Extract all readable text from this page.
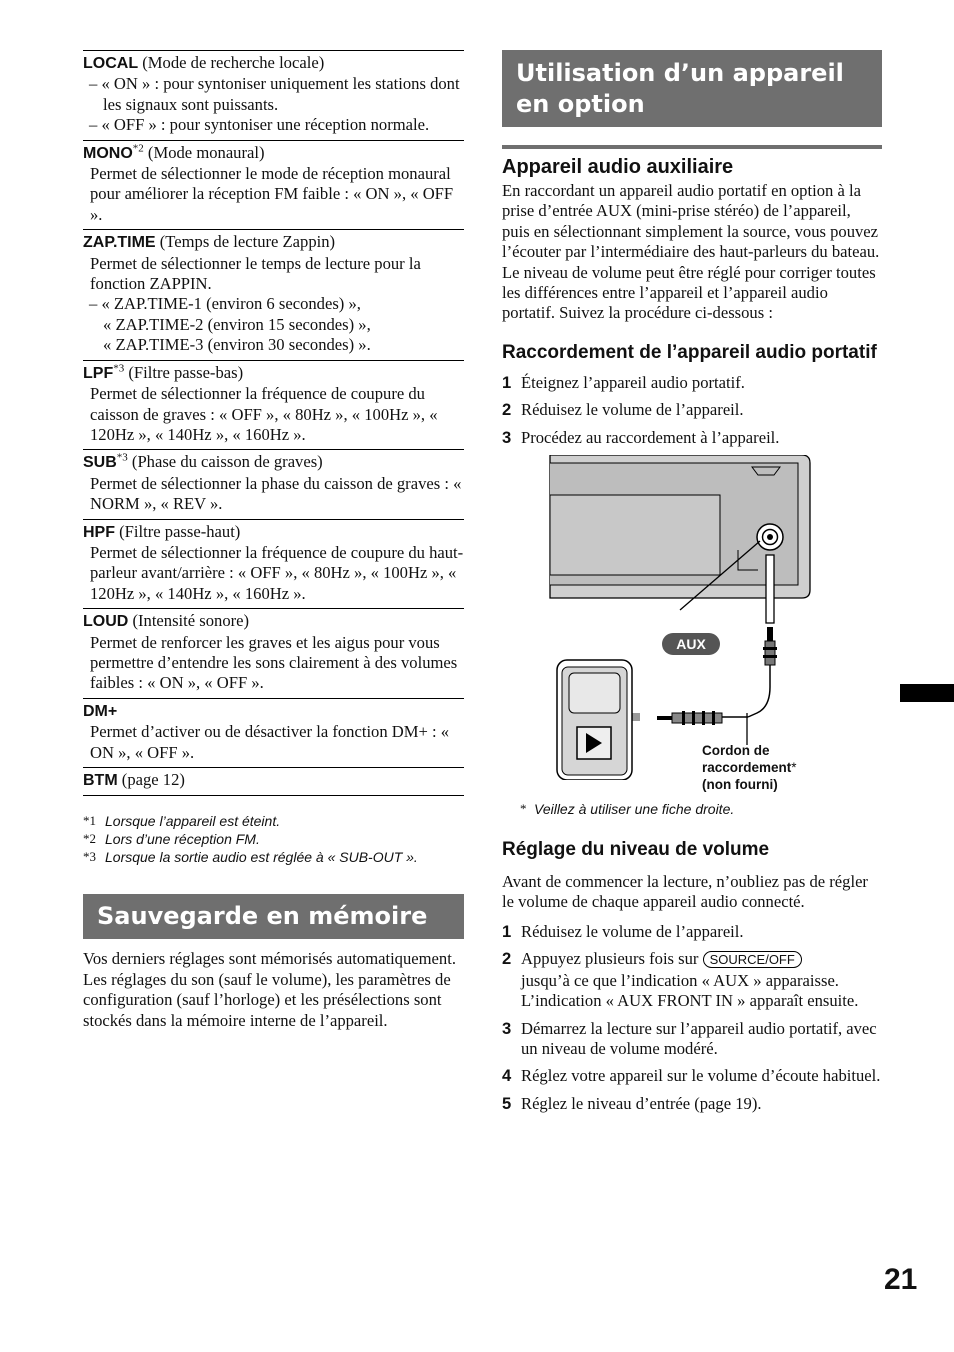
LOCAL (Mode de recherche locale)
– « ON » : pour syntoniser uniquement les stations dont les signaux sont puissants.
– « OFF » : pour syntoniser une réception normale.
MONO$^{*2}$ (Mode monaural)
Permet de sélectionner le mode de réception monaural pour améliorer la réception FM faible : « ON », « OFF ».
ZAP.TIME (Temps de lecture Zappin)
Permet de sélectionner le temps de lecture pour la fonction ZAPPIN.
– « ZAP.TIME-1 (environ 6 secondes) »,
« ZAP.TIME-2 (environ 15 secondes) »,
« ZAP.TIME-3 (environ 30 secondes) ».
LPF$^{*3}$ (Filtre passe-bas)
Permet de sélectionner la fréquence de coupure du caisson de graves : « OFF », « 80Hz », « 100Hz », « 120Hz », « 140Hz », « 160Hz ».
SUB$^{*3}$ (Phase du caisson de graves)
Permet de sélectionner la phase du caisson de graves : « NORM », « REV ».
HPF (Filtre passe-haut)
Permet de sélectionner la fréquence de coupure du haut-parleur avant/arrière : « OFF », « 80Hz », « 100Hz », « 120Hz », « 140Hz », « 160Hz ».
LOUD (Intensité sonore)
Permet de renforcer les graves et les aigus pour vous permettre d’entendre les sons clairement à des volumes faibles : « ON », « OFF ».
DM+
Permet d’activer ou de désactiver la fonction DM+ : « ON », « OFF ».
BTM (page 12)
*1 Lorsque l’appareil est éteint.
*2 Lors d’une réception FM.
*3 Lorsque la sortie audio est réglée à « SUB-OUT ».
Sauvegarde en mémoire
Vos derniers réglages sont mémorisés automatiquement.
Les réglages du son (sauf le volume), les paramètres de configuration (sauf l’horloge) et les présélections sont stockés dans la mémoire interne de l’appareil.
Utilisation d’un appareil en option
Appareil audio auxiliaire
En raccordant un appareil audio portatif en option à la prise d’entrée AUX (mini-prise stéréo) de l’appareil, puis en sélectionnant simplement la source, vous pouvez l’écouter par l’intermédiaire des haut-parleurs du bateau. Le niveau de volume peut être réglé pour corriger toutes les différences entre l’appareil et l’appareil audio portatif. Suivez la procédure ci-dessous :
Raccordement de l’appareil audio portatif
1 Éteignez l’appareil audio portatif.
2 Réduisez le volume de l’appareil.
3 Procédez au raccordement à l’appareil.
AUX
Cordon de
raccordement*
(non fourni)
* Veillez à utiliser une fiche droite.
Réglage du niveau de volume
Avant de commencer la lecture, n’oubliez pas de régler le volume de chaque appareil audio connecté.
1 Réduisez le volume de l’appareil.
2 Appuyez plusieurs fois sur SOURCE/OFF
jusqu’à ce que l’indication « AUX » apparaisse.
L’indication « AUX FRONT IN » apparaît ensuite.
3 Démarrez la lecture sur l’appareil audio portatif, avec un niveau de volume modéré.
4 Réglez votre appareil sur le volume d’écoute habituel.
5 Réglez le niveau d’entrée (page 19).
21
